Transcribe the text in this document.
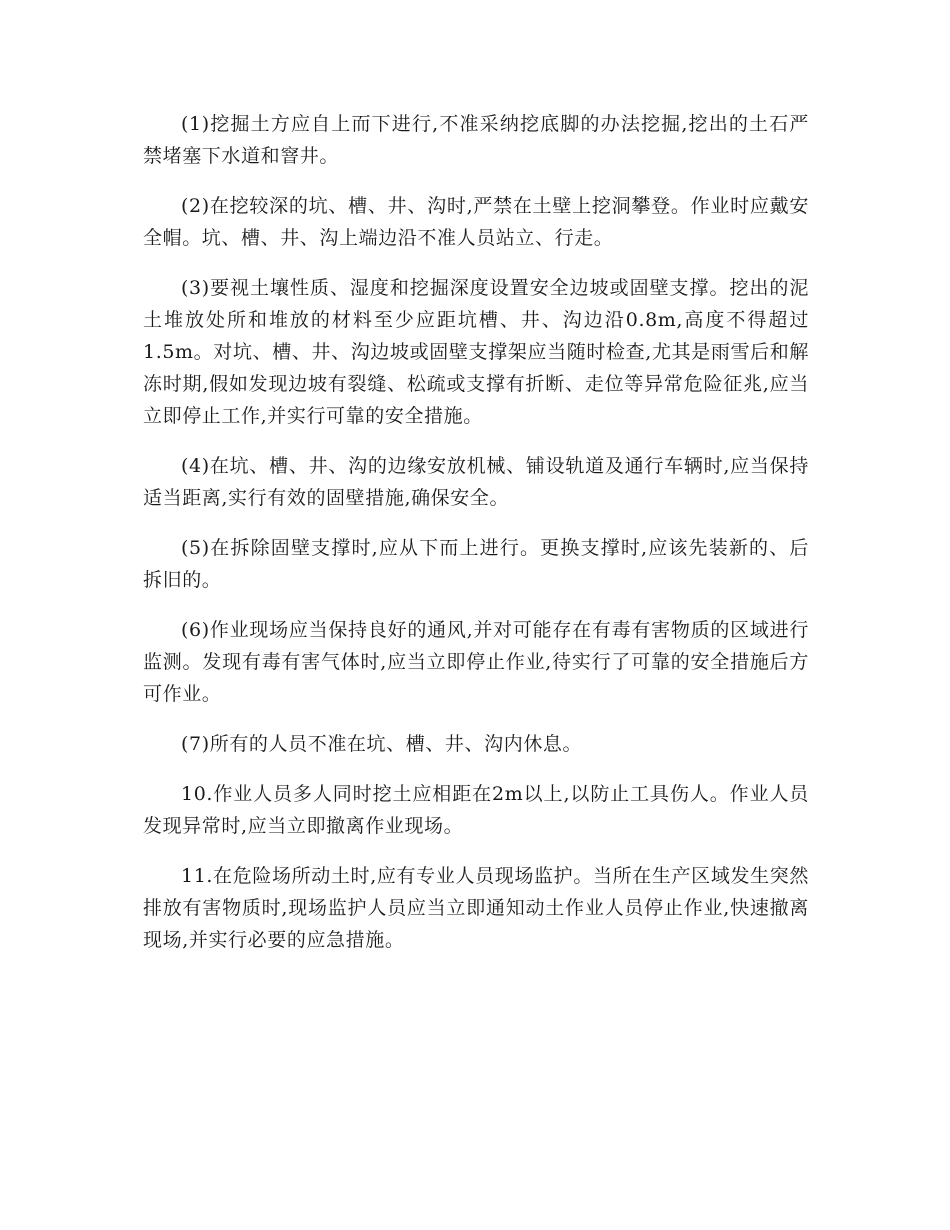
(1)挖掘土方应自上而下进行,不准采纳挖底脚的办法挖掘,挖出的土石严禁堵塞下水道和窨井。

(2)在挖较深的坑、槽、井、沟时,严禁在土壁上挖洞攀登。作业时应戴安全帽。坑、槽、井、沟上端边沿不准人员站立、行走。

(3)要视土壤性质、湿度和挖掘深度设置安全边坡或固壁支撑。挖出的泥土堆放处所和堆放的材料至少应距坑槽、井、沟边沿0.8m,高度不得超过1.5m。对坑、槽、井、沟边坡或固壁支撑架应当随时检查,尤其是雨雪后和解冻时期,假如发现边坡有裂缝、松疏或支撑有折断、走位等异常危险征兆,应当立即停止工作,并实行可靠的安全措施。

(4)在坑、槽、井、沟的边缘安放机械、铺设轨道及通行车辆时,应当保持适当距离,实行有效的固壁措施,确保安全。

(5)在拆除固壁支撑时,应从下而上进行。更换支撑时,应该先装新的、后拆旧的。

(6)作业现场应当保持良好的通风,并对可能存在有毒有害物质的区域进行监测。发现有毒有害气体时,应当立即停止作业,待实行了可靠的安全措施后方可作业。

(7)所有的人员不准在坑、槽、井、沟内休息。

10.作业人员多人同时挖土应相距在2m以上,以防止工具伤人。作业人员发现异常时,应当立即撤离作业现场。

11.在危险场所动土时,应有专业人员现场监护。当所在生产区域发生突然排放有害物质时,现场监护人员应当立即通知动土作业人员停止作业,快速撤离现场,并实行必要的应急措施。
